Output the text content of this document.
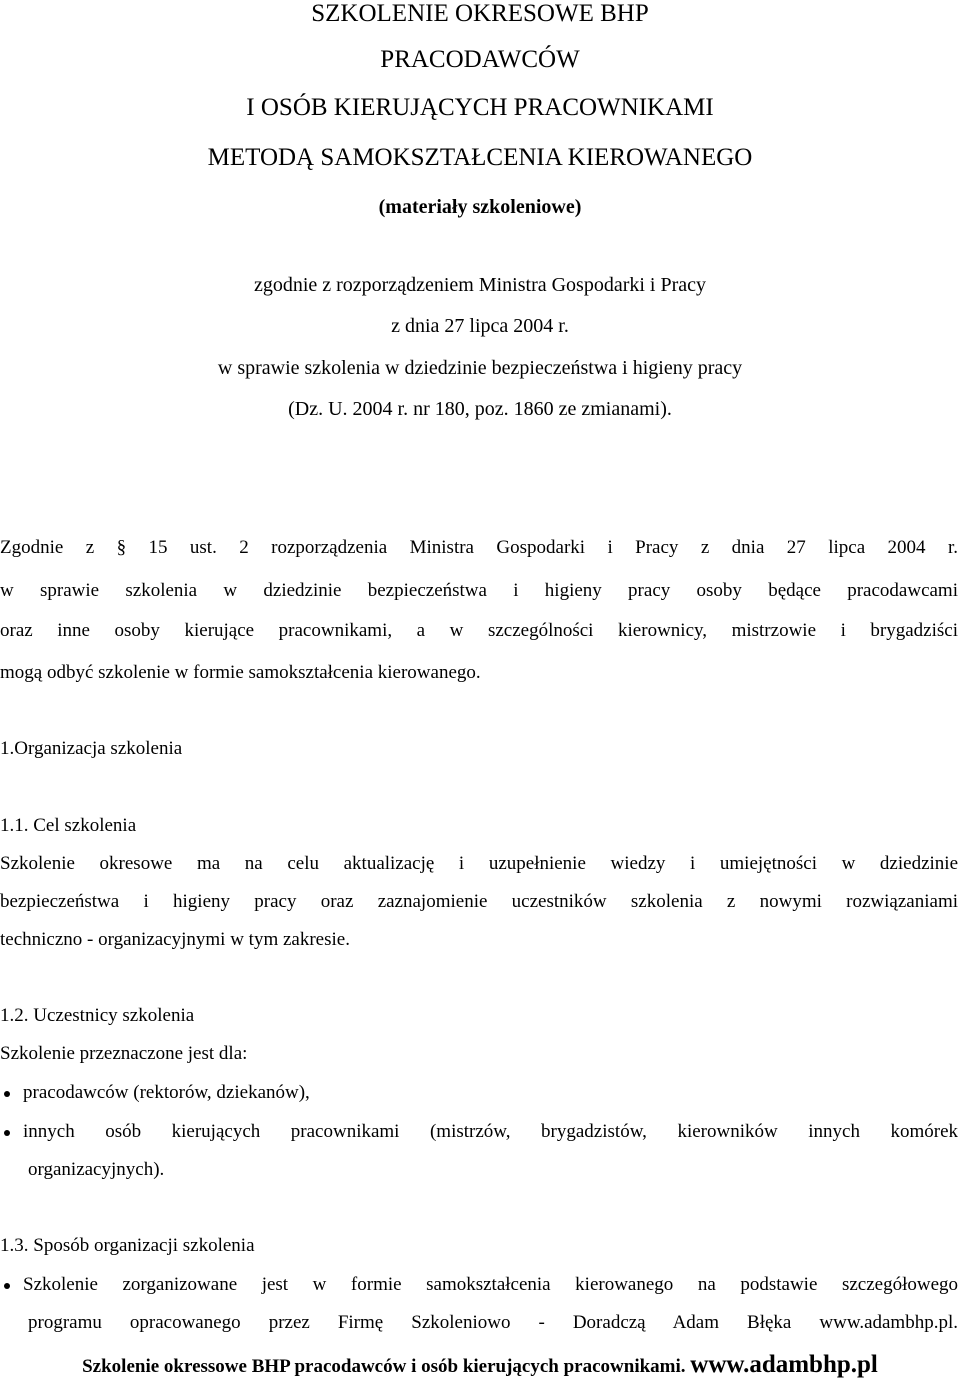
SZKOLENIE OKRESOWE BHP
PRACODAWCÓW
I OSÓB KIERUJĄCYCH PRACOWNIKAMI
METODĄ SAMOKSZTAŁCENIA KIEROWANEGO
(materiały szkoleniowe)
zgodnie z rozporządzeniem Ministra Gospodarki i Pracy
z dnia 27 lipca 2004 r.
w sprawie szkolenia w dziedzinie bezpieczeństwa i higieny pracy
(Dz. U. 2004 r. nr 180, poz. 1860 ze zmianami).
Zgodnie z § 15 ust. 2 rozporządzenia Ministra Gospodarki i Pracy z dnia 27 lipca 2004 r.
w sprawie szkolenia w dziedzinie bezpieczeństwa i higieny pracy osoby będące pracodawcami
oraz inne osoby kierujące pracownikami, a w szczególności kierownicy, mistrzowie i brygadziści
mogą odbyć szkolenie w formie samokształcenia kierowanego.
1.Organizacja szkolenia
1.1. Cel szkolenia
Szkolenie okresowe ma na celu aktualizację i uzupełnienie wiedzy i umiejętności w dziedzinie
bezpieczeństwa i higieny pracy oraz zaznajomienie uczestników szkolenia z nowymi rozwiązaniami
techniczno - organizacyjnymi w tym zakresie.
1.2. Uczestnicy szkolenia
Szkolenie przeznaczone jest dla:
pracodawców (rektorów, dziekanów),
innych osób kierujących pracownikami (mistrzów, brygadzistów, kierowników innych komórek
organizacyjnych).
1.3. Sposób organizacji szkolenia
Szkolenie zorganizowane jest w formie samokształcenia kierowanego na podstawie szczegółowego
programu opracowanego przez Firmę Szkoleniowo - Doradczą Adam Błęka www.adambhp.pl.
Szkolenie okressowe BHP pracodawców i osób kierujących pracownikami. www.adambhp.pl
